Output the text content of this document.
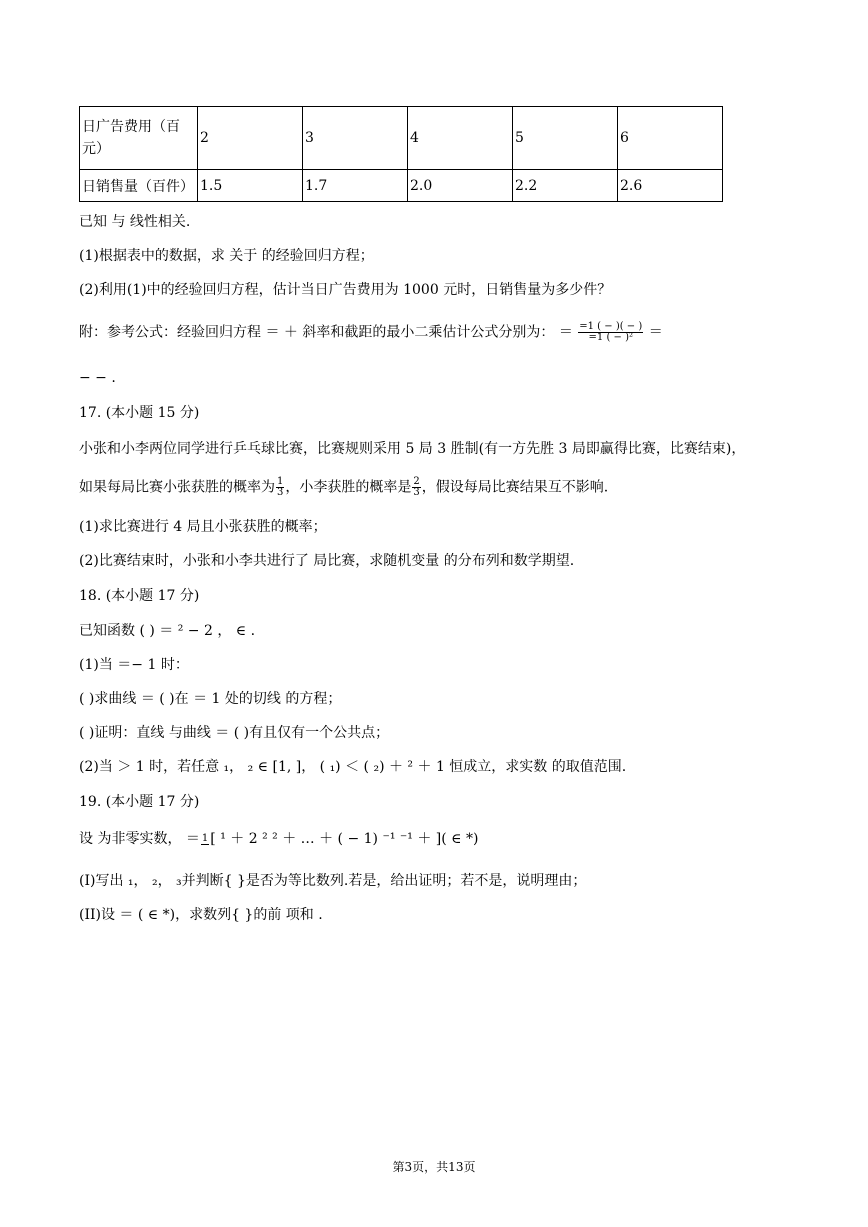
日广告费用（百元）	2	3	4	5	6
日销售量（百件）	1.5	1.7	2.0	2.2	2.6
已知 与 线性相关.
(1)根据表中的数据，求 关于 的经验回归方程；
(2)利用(1)中的经验回归方程，估计当日广告费用为 1000 元时，日销售量为多少件？
附：参考公式：经验回归方程 ＝ ＋ 斜率和截距的最小二乘估计公式分别为： ＝ $\frac{=1 ( - )( - )}{\text{=1 ( − )²}}$ ＝
− − .
17. (本小题 15 分)
小张和小李两位同学进行乒乓球比赛，比赛规则采用 5 局 3 胜制(有一方先胜 3 局即赢得比赛，比赛结束)，
如果每局比赛小张获胜的概率为 $\frac{1}{3}$ ，小李获胜的概率是 $\frac{2}{3}$ ，假设每局比赛结果互不影响.
(1)求比赛进行 4 局且小张获胜的概率；
(2)比赛结束时，小张和小李共进行了 局比赛，求随机变量 的分布列和数学期望.
18. (本小题 17 分)
已知函数 ( ) ＝ ² − 2 ， ∈ .
(1)当 ＝− 1 时：
( )求曲线 ＝ ( )在 ＝ 1 处的切线 的方程；
( )证明：直线 与曲线 ＝ ( )有且仅有一个公共点；
(2)当 ＞ 1 时，若任意 ₁， ₂ ∈ [1, ]， ( ₁) ＜ ( ₂) ＋ ² ＋ 1 恒成立，求实数 的取值范围.
19. (本小题 17 分)
设 为非零实数， ＝ 1 [ ¹ ＋ 2 ² ² ＋ … ＋ ( − 1) ⁻¹ ⁻¹ ＋ ]( ∈ *)
(I)写出 ₁， ₂， ₃并判断{ }是否为等比数列.若是，给出证明；若不是，说明理由；
(II)设 ＝ ( ∈ *)，求数列{ }的前 项和 .
第3页，共13页
